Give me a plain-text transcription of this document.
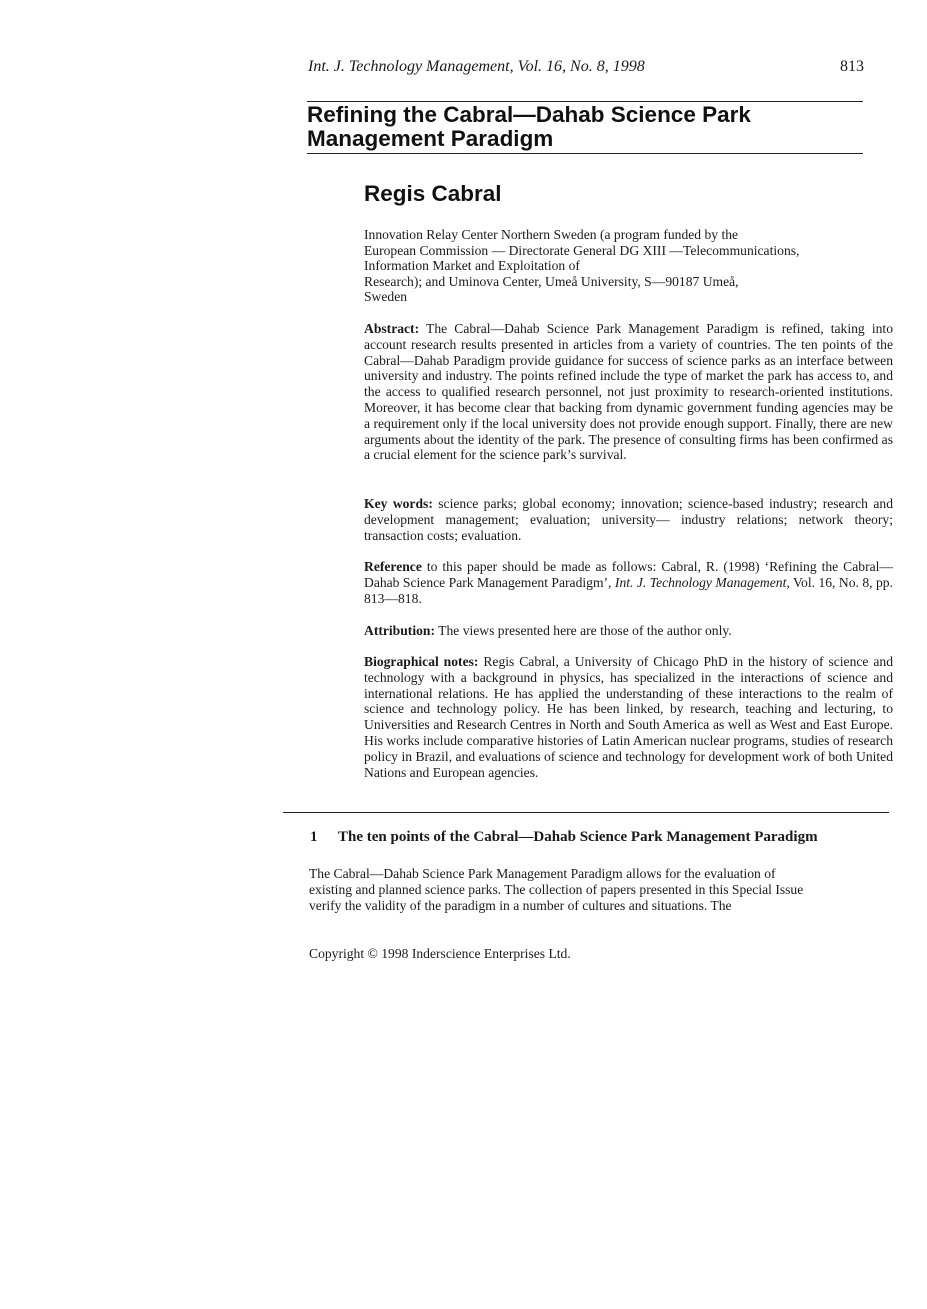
Int. J. Technology Management, Vol. 16, No. 8, 1998	813
Refining the Cabral—Dahab Science Park
Management Paradigm
Regis Cabral
Innovation Relay Center Northern Sweden (a program funded by the
European Commission — Directorate General DG XIII —Telecommunications,
Information Market and Exploitation of
Research); and Uminova Center, Umeå University, S—90187 Umeå,
Sweden
Abstract: The Cabral—Dahab Science Park Management Paradigm is refined, taking into account research results presented in articles from a variety of countries. The ten points of the Cabral—Dahab Paradigm provide guidance for success of science parks as an interface between university and industry. The points refined include the type of market the park has access to, and the access to qualified research personnel, not just proximity to research-oriented institutions. Moreover, it has become clear that backing from dynamic government funding agencies may be a requirement only if the local university does not provide enough support. Finally, there are new arguments about the identity of the park. The presence of consulting firms has been confirmed as a crucial element for the science park’s survival.
Key words: science parks; global economy; innovation; science-based industry; research and development management; evaluation; university— industry relations; network theory; transaction costs; evaluation.
Reference to this paper should be made as follows: Cabral, R. (1998) ‘Refining the Cabral—Dahab Science Park Management Paradigm’, Int. J. Technology Management, Vol. 16, No. 8, pp. 813—818.
Attribution: The views presented here are those of the author only.
Biographical notes: Regis Cabral, a University of Chicago PhD in the history of science and technology with a background in physics, has specialized in the interactions of science and international relations. He has applied the understanding of these interactions to the realm of science and technology policy. He has been linked, by research, teaching and lecturing, to Universities and Research Centres in North and South America as well as West and East Europe. His works include comparative histories of Latin American nuclear programs, studies of research policy in Brazil, and evaluations of science and technology for development work of both United Nations and European agencies.
1 The ten points of the Cabral—Dahab Science Park Management Paradigm
The Cabral—Dahab Science Park Management Paradigm allows for the evaluation of
existing and planned science parks. The collection of papers presented in this Special Issue
verify the validity of the paradigm in a number of cultures and situations. The
Copyright © 1998 Inderscience Enterprises Ltd.
